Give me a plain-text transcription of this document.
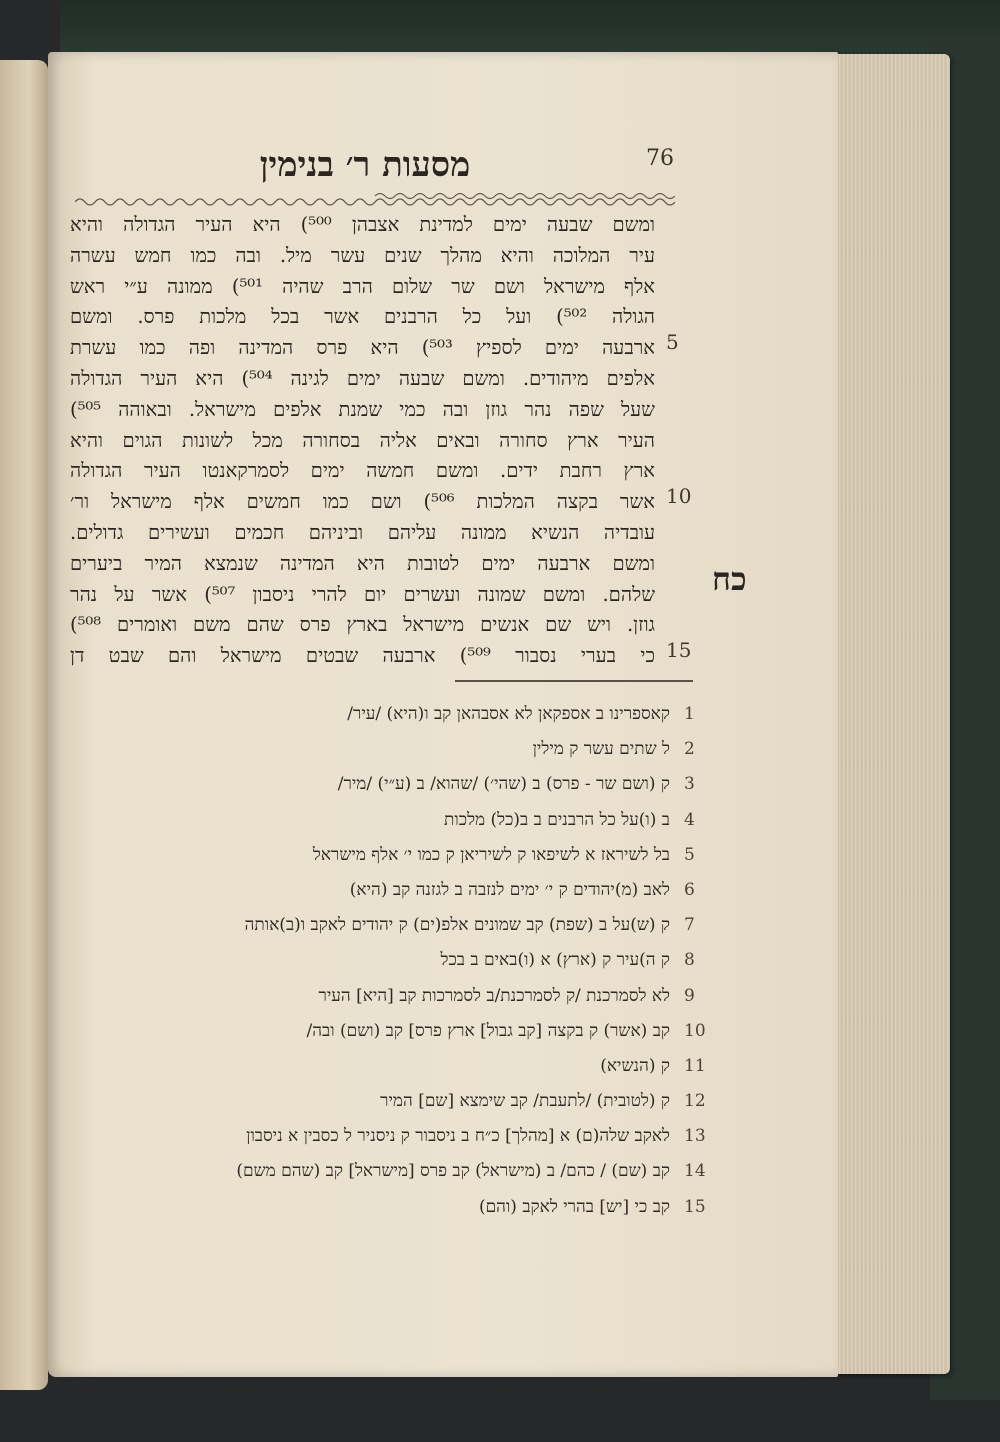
מסעות ר׳ בנימין	76
ומשם שבעה ימים למדינת אצבהן ⁵⁰⁰) היא העיר הגדולה והיא
עיר המלוכה והיא מהלך שנים עשר מיל. ובה כמו חמש עשרה
אלף מישראל ושם שר שלום הרב שהיה ⁵⁰¹) ממונה ע״י ראש
הגולה ⁵⁰²) ועל כל הרבנים אשר בכל מלכות פרס. ומשם
ארבעה ימים לספיץ ⁵⁰³) היא פרס המדינה ופה כמו עשרת
אלפים מיהודים. ומשם שבעה ימים לגינה ⁵⁰⁴) היא העיר הגדולה
שעל שפה נהר גוזן ובה כמי שמנת אלפים מישראל. ובאוהה ⁵⁰⁵)
העיר ארץ סחורה ובאים אליה בסחורה מכל לשונות הגוים והיא
ארץ רחבת ידים. ומשם חמשה ימים לסמרקאנטו העיר הגדולה
אשר בקצה המלכות ⁵⁰⁶) ושם כמו חמשים אלף מישראל ור׳
עובדיה הנשיא ממונה עליהם וביניהם חכמים ועשירים גדולים.
ומשם ארבעה ימים לטובות היא המדינה שנמצא המיר ביערים
שלהם. ומשם שמונה ועשרים יום להרי ניסבון ⁵⁰⁷) אשר על נהר
גוזן. ויש שם אנשים מישראל בארץ פרס שהם משם ואומרים ⁵⁰⁸)
כי בערי נסבור ⁵⁰⁹) ארבעה שבטים מישראל והם שבט דן
5
10
15
כח
קאספרינו ב אספקאן לא אסבהאן קב ו(היא) /עיר/ 1
ל שתים עשר ק מילין 2
ק (ושם שר - פרס) ב (שהי׳) /שהוא/ ב (ע״י) /מיר/ 3
ב (ו)על כל הרבנים ב ב(כל) מלכות 4
בל לשיראז א לשיפאו ק לשיריאן ק כמו י׳ אלף מישראל 5
לאב (מ)יהודים ק י׳ ימים לנזבה ב לגזנה קב (היא) 6
ק (ש)על ב (שפת) קב שמונים אלפ(ים) ק יהודים לאקב ו(ב)אותה 7
ק ה)עיר ק (ארץ) א (ו)באים ב בכל 8
לא לסמרכנת /ק לסמרכנת/ב לסמרכות קב [היא] העיר 9
קב (אשר) ק בקצה [קב גבול] ארץ פרס] קב (ושם) ובה/ 10
ק (הנשיא) 11
ק (לטובית) /לתעבת/ קב שימצא [שם] המיר 12
לאקב שלה(ם) א [מהלך] כ״ח ב ניסבור ק ניסניר ל כסבין א ניסבון 13
קב (שם) / כהם/ ב (מישראל) קב פרס [מישראל] קב (שהם משם) 14
קב כי [יש] בהרי לאקב (והם) 15
